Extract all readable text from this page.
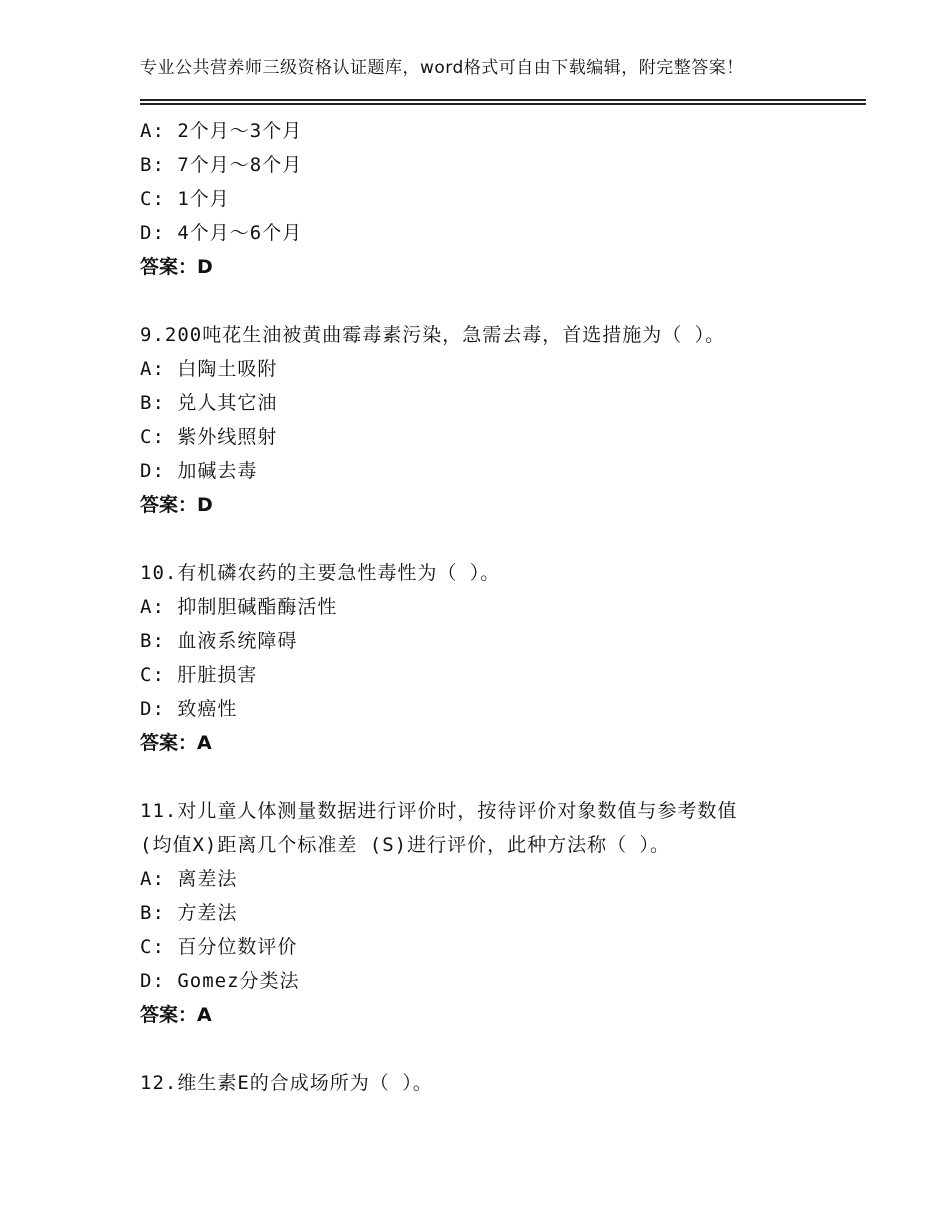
专业公共营养师三级资格认证题库，word格式可自由下载编辑，附完整答案！
A: 2个月～3个月
B: 7个月～8个月
C: 1个月
D: 4个月～6个月
答案：D
9.200吨花生油被黄曲霉毒素污染，急需去毒，首选措施为（ ）。
A: 白陶土吸附
B: 兑人其它油
C: 紫外线照射
D: 加碱去毒
答案：D
10.有机磷农药的主要急性毒性为（ ）。
A: 抑制胆碱酯酶活性
B: 血液系统障碍
C: 肝脏损害
D: 致癌性
答案：A
11.对儿童人体测量数据进行评价时，按待评价对象数值与参考数值
(均值X)距离几个标准差 (S)进行评价，此种方法称（ ）。
A: 离差法
B: 方差法
C: 百分位数评价
D: Gomez分类法
答案：A
12.维生素E的合成场所为（ ）。
